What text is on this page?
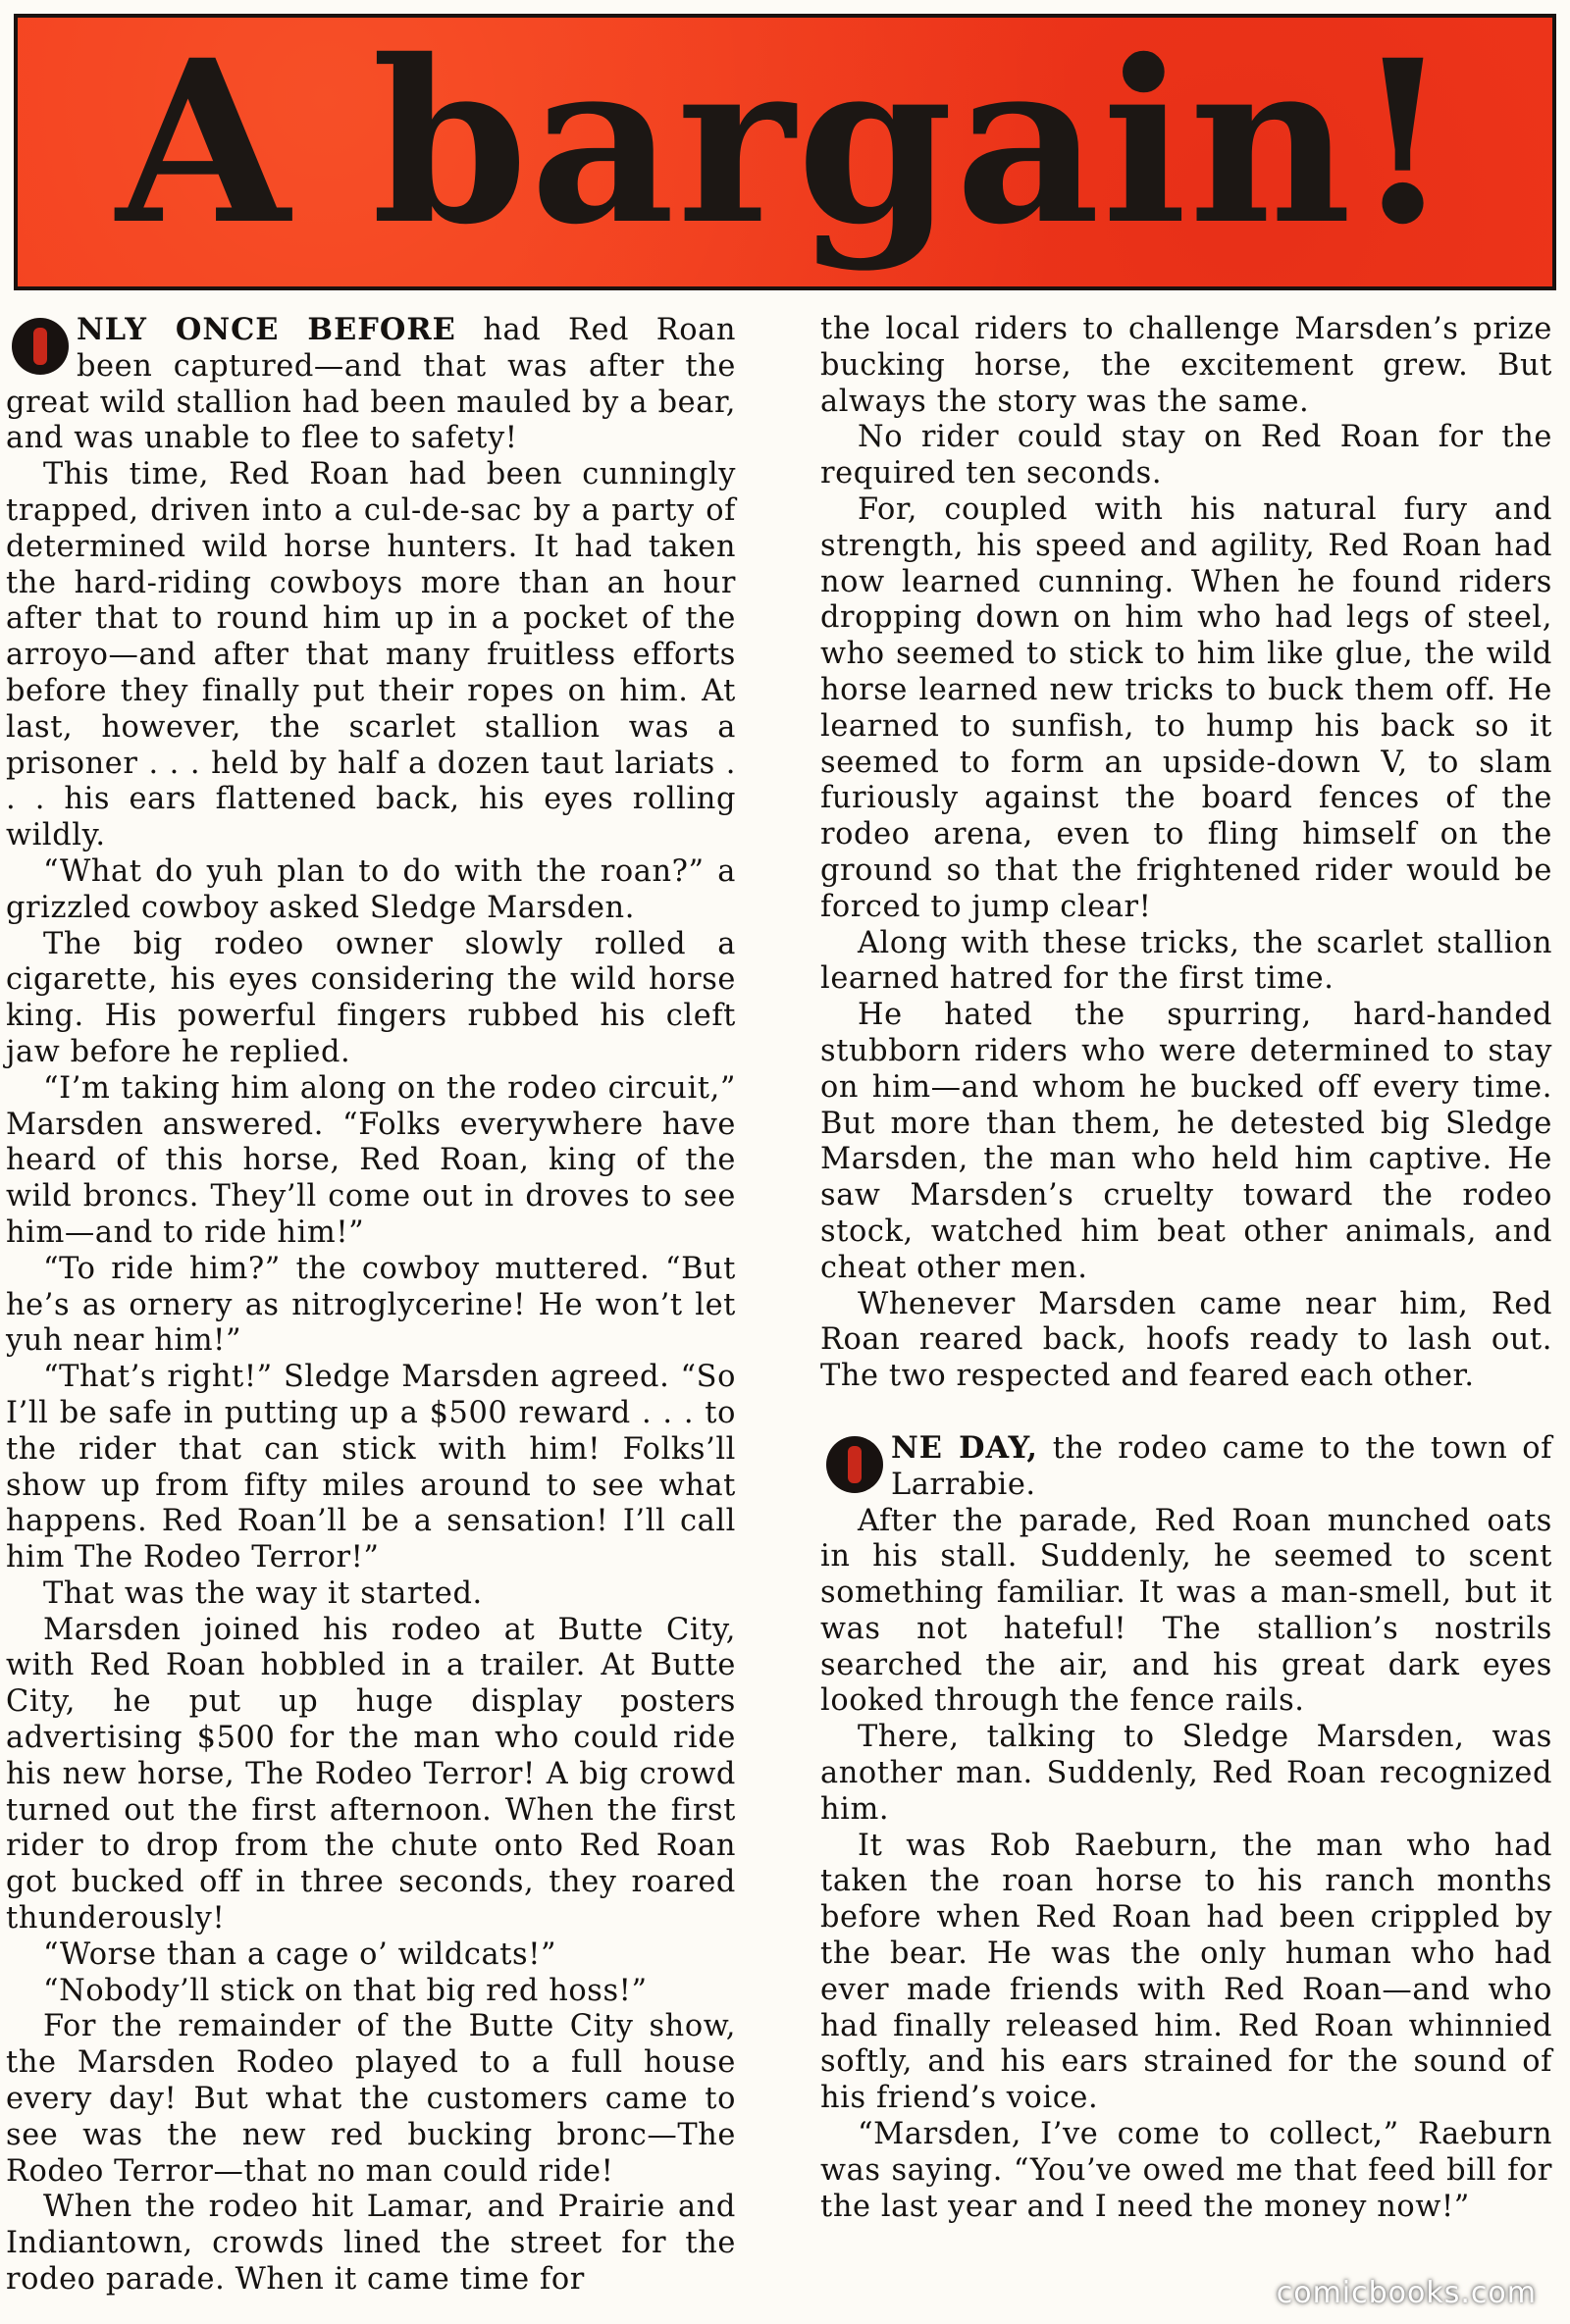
A bargain!

NLY ONCE BEFORE had Red Roan been captured—and that was after the great wild stallion had been mauled by a bear, and was unable to flee to safety!

This time, Red Roan had been cunningly trapped, driven into a cul-de-sac by a party of determined wild horse hunters. It had taken the hard-riding cowboys more than an hour after that to round him up in a pocket of the arroyo—and after that many fruitless efforts before they finally put their ropes on him. At last, however, the scarlet stallion was a prisoner . . . held by half a dozen taut lariats . . . his ears flattened back, his eyes rolling wildly.

“What do yuh plan to do with the roan?” a grizzled cowboy asked Sledge Marsden.

The big rodeo owner slowly rolled a cigarette, his eyes considering the wild horse king. His powerful fingers rubbed his cleft jaw before he replied.

“I’m taking him along on the rodeo circuit,” Marsden answered. “Folks everywhere have heard of this horse, Red Roan, king of the wild broncs. They’ll come out in droves to see him—and to ride him!”

“To ride him?” the cowboy muttered. “But he’s as ornery as nitroglycerine! He won’t let yuh near him!”

“That’s right!” Sledge Marsden agreed. “So I’ll be safe in putting up a $500 reward . . . to the rider that can stick with him! Folks’ll show up from fifty miles around to see what happens. Red Roan’ll be a sensation! I’ll call him The Rodeo Terror!”

That was the way it started.

Marsden joined his rodeo at Butte City, with Red Roan hobbled in a trailer. At Butte City, he put up huge display posters advertising $500 for the man who could ride his new horse, The Rodeo Terror! A big crowd turned out the first afternoon. When the first rider to drop from the chute onto Red Roan got bucked off in three seconds, they roared thunderously!

“Worse than a cage o’ wildcats!”

“Nobody’ll stick on that big red hoss!”

For the remainder of the Butte City show, the Marsden Rodeo played to a full house every day! But what the customers came to see was the new red bucking bronc—The Rodeo Terror—that no man could ride!

When the rodeo hit Lamar, and Prairie and Indiantown, crowds lined the street for the rodeo parade. When it came time for

the local riders to challenge Marsden’s prize bucking horse, the excitement grew. But always the story was the same.

No rider could stay on Red Roan for the required ten seconds.

For, coupled with his natural fury and strength, his speed and agility, Red Roan had now learned cunning. When he found riders dropping down on him who had legs of steel, who seemed to stick to him like glue, the wild horse learned new tricks to buck them off. He learned to sunfish, to hump his back so it seemed to form an upside-down V, to slam furiously against the board fences of the rodeo arena, even to fling himself on the ground so that the frightened rider would be forced to jump clear!

Along with these tricks, the scarlet stallion learned hatred for the first time.

He hated the spurring, hard-handed stubborn riders who were determined to stay on him—and whom he bucked off every time. But more than them, he detested big Sledge Marsden, the man who held him captive. He saw Marsden’s cruelty toward the rodeo stock, watched him beat other animals, and cheat other men.

Whenever Marsden came near him, Red Roan reared back, hoofs ready to lash out. The two respected and feared each other.

NE DAY, the rodeo came to the town of Larrabie.

After the parade, Red Roan munched oats in his stall. Suddenly, he seemed to scent something familiar. It was a man-smell, but it was not hateful! The stallion’s nostrils searched the air, and his great dark eyes looked through the fence rails.

There, talking to Sledge Marsden, was another man. Suddenly, Red Roan recognized him.

It was Rob Raeburn, the man who had taken the roan horse to his ranch months before when Red Roan had been crippled by the bear. He was the only human who had ever made friends with Red Roan—and who had finally released him. Red Roan whinnied softly, and his ears strained for the sound of his friend’s voice.

“Marsden, I’ve come to collect,” Raeburn was saying. “You’ve owed me that feed bill for the last year and I need the money now!”

comicbooks.com
